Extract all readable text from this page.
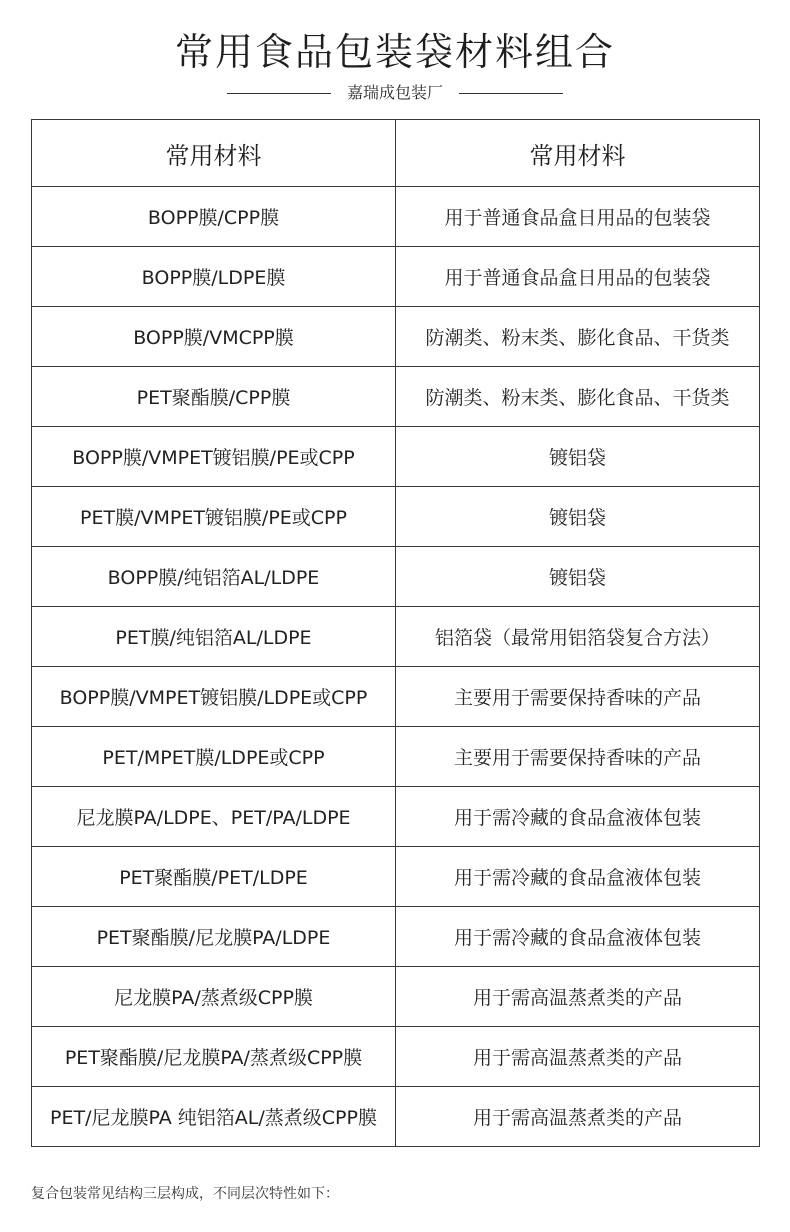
常用食品包装袋材料组合
嘉瑞成包装厂
常用材料	常用材料
BOPP膜/CPP膜	用于普通食品盒日用品的包装袋
BOPP膜/LDPE膜	用于普通食品盒日用品的包装袋
BOPP膜/VMCPP膜	防潮类、粉末类、膨化食品、干货类
PET聚酯膜/CPP膜	防潮类、粉末类、膨化食品、干货类
BOPP膜/VMPET镀铝膜/PE或CPP	镀铝袋
PET膜/VMPET镀铝膜/PE或CPP	镀铝袋
BOPP膜/纯铝箔AL/LDPE	镀铝袋
PET膜/纯铝箔AL/LDPE	铝箔袋（最常用铝箔袋复合方法）
BOPP膜/VMPET镀铝膜/LDPE或CPP	主要用于需要保持香味的产品
PET/MPET膜/LDPE或CPP	主要用于需要保持香味的产品
尼龙膜PA/LDPE、PET/PA/LDPE	用于需冷藏的食品盒液体包装
PET聚酯膜/PET/LDPE	用于需冷藏的食品盒液体包装
PET聚酯膜/尼龙膜PA/LDPE	用于需冷藏的食品盒液体包装
尼龙膜PA/蒸煮级CPP膜	用于需高温蒸煮类的产品
PET聚酯膜/尼龙膜PA/蒸煮级CPP膜	用于需高温蒸煮类的产品
PET/尼龙膜PA 纯铝箔AL/蒸煮级CPP膜	用于需高温蒸煮类的产品
复合包装常见结构三层构成，不同层次特性如下：
